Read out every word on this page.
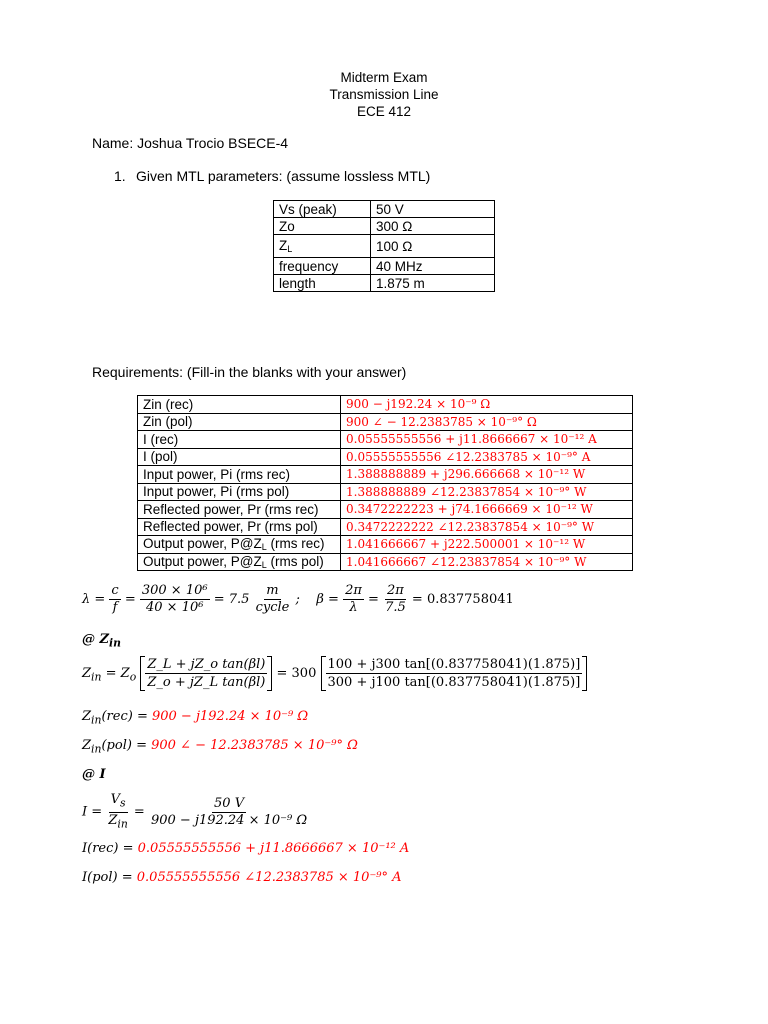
Midterm Exam
Transmission Line
ECE 412
Name: Joshua Trocio BSECE-4
1. Given MTL parameters: (assume lossless MTL)
Vs (peak)	50 V
Zo	300 Ω
ZL	100 Ω
frequency	40 MHz
length	1.875 m
Requirements: (Fill-in the blanks with your answer)
Zin (rec)	900 − j192.24 × 10⁻⁹ Ω
Zin (pol)	900 ∠ − 12.2383785 × 10⁻⁹° Ω
I (rec)	0.05555555556 + j11.8666667 × 10⁻¹² A
I (pol)	0.05555555556 ∠12.2383785 × 10⁻⁹° A
Input power, Pi (rms rec)	1.388888889 + j296.666668 × 10⁻¹² W
Input power, Pi (rms pol)	1.388888889 ∠12.23837854 × 10⁻⁹° W
Reflected power, Pr (rms rec)	0.3472222223 + j74.1666669 × 10⁻¹² W
Reflected power, Pr (rms pol)	0.3472222222 ∠12.23837854 × 10⁻⁹° W
Output power, P@ZL (rms rec)	1.041666667 + j222.500001 × 10⁻¹² W
Output power, P@ZL (rms pol)	1.041666667 ∠12.23837854 × 10⁻⁹° W
$\lambda = \frac{c}{f} = \frac{\text{300 × 10⁶}}{\text{40 × 10⁶}} = 7.5 \frac{m}{\text{cycle}}$ ; $\beta = \frac{2\pi}{\lambda} = \frac{2\pi}{7.5} = 0.837758041$
@ $Z_{in}$
$Z_{in} = Z_o \frac{\text{Z\_L + jZ\_o tan(βl)}}{\text{Z\_o + jZ\_L tan(βl)}} = 300 \frac{100 + j300 \tan[(0.837758041)(1.875)]}{300 + j100 \tan[(0.837758041)(1.875)]}$
$Z_{in}(rec) = 900 - j192.24 \times 10^{-9}$ Ω
$Z_{in}(pol) = 900$ ∠ − 12.2383785 × 10⁻⁹° Ω
@ I
$I = \frac{V_s}{Z_{in}} = \frac{50 V}{\text{900 − j192.24 × 10⁻⁹ Ω}}$
I(rec) = 0.05555555556 + j11.8666667 × 10⁻¹² A
I(pol) = 0.05555555556 ∠12.2383785 × 10⁻⁹° A
